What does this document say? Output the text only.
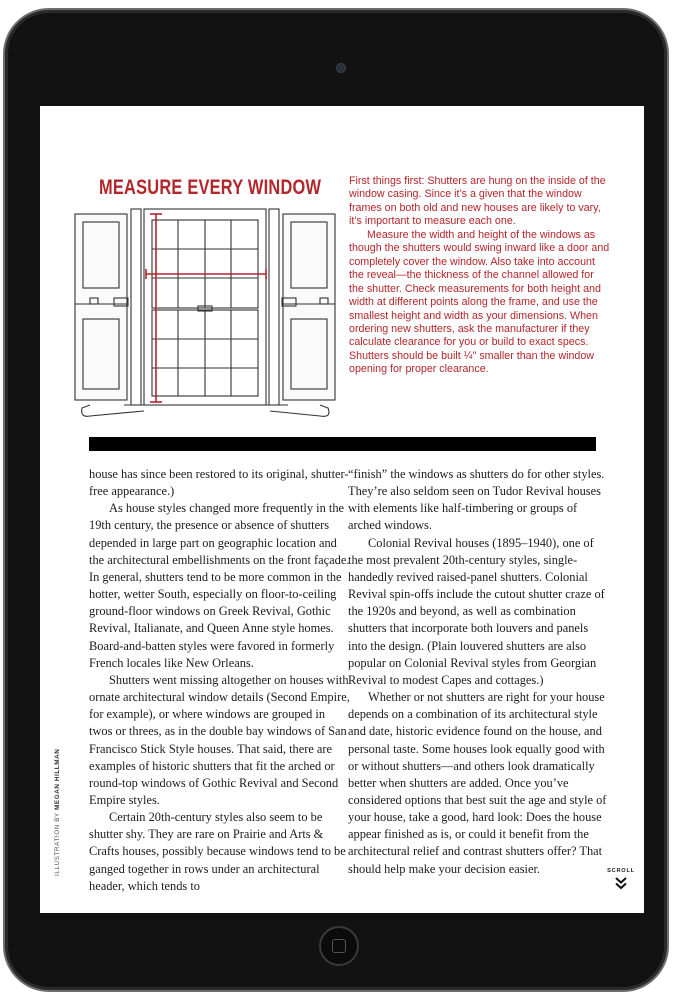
MEASURE EVERY WINDOW	First things first: Shutters are hung on the inside of the window casing. Since it’s a given that the window frames on both old and new houses are likely to vary, it’s important to measure each one.

Measure the width and height of the windows as though the shutters would swing inward like a door and completely cover the window. Also take into account the reveal—the thickness of the channel allowed for the shutter. Check measurements for both height and width at different points along the frame, and use the smallest height and width as your dimensions. When ordering new shutters, ask the manufacturer if they calculate clearance for you or build to exact specs. Shutters should be built ¼" smaller than the window opening for proper clearance.

house has since been restored to its original, shutter-free appearance.)

As house styles changed more frequently in the 19th century, the presence or absence of shutters depended in large part on geographic location and the architectural embellishments on the front façade. In general, shutters tend to be more common in the hotter, wetter South, especially on floor-to-ceiling ground-floor windows on Greek Revival, Gothic Revival, Italianate, and Queen Anne style homes. Board-and-batten styles were favored in formerly French locales like New Orleans.

Shutters went missing altogether on houses with ornate architectural window details (Second Empire, for example), or where windows are grouped in twos or threes, as in the double bay windows of San Francisco Stick Style houses. That said, there are examples of historic shutters that fit the arched or round-top windows of Gothic Revival and Second Empire styles.

Certain 20th-century styles also seem to be shutter shy. They are rare on Prairie and Arts & Crafts houses, possibly because windows tend to be ganged together in rows under an architectural header, which tends to

“finish” the windows as shutters do for other styles. They’re also seldom seen on Tudor Revival houses with elements like half-timbering or groups of arched windows.

Colonial Revival houses (1895–1940), one of the most prevalent 20th-century styles, single-handedly revived raised-panel shutters. Colonial Revival spin-offs include the cutout shutter craze of the 1920s and beyond, as well as combination shutters that incorporate both louvers and panels into the design. (Plain louvered shutters are also popular on Colonial Revival styles from Georgian Revival to modest Capes and cottages.)

Whether or not shutters are right for your house depends on a combination of its architectural style and date, historic evidence found on the house, and personal taste. Some houses look equally good with or without shutters—and others look dramatically better when shutters are added. Once you’ve considered options that best suit the age and style of your house, take a good, hard look: Does the house appear finished as is, or could it benefit from the architectural relief and contrast shutters offer? That should help make your decision easier.

ILLUSTRATION BY MEGAN HILLMAN
SCROLL
